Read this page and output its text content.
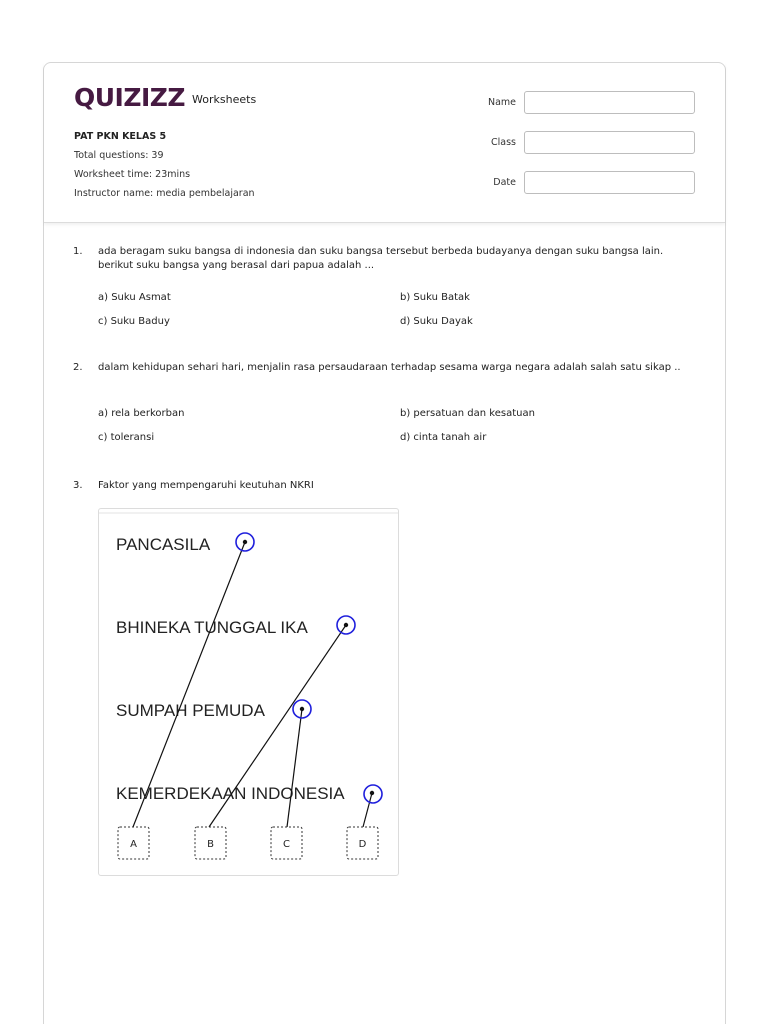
QUIZIZZ Worksheets
PAT PKN KELAS 5
Total questions: 39
Worksheet time: 23mins
Instructor name: media pembelajaran
Name
Class
Date
1. ada beragam suku bangsa di indonesia dan suku bangsa tersebut berbeda budayanya dengan suku bangsa lain. berikut suku bangsa yang berasal dari papua adalah ...
a) Suku Asmat	b) Suku Batak
c) Suku Baduy	d) Suku Dayak
2. dalam kehidupan sehari hari, menjalin rasa persaudaraan terhadap sesama warga negara adalah salah satu sikap ..
a) rela berkorban	b) persatuan dan kesatuan
c) toleransi	d) cinta tanah air
3. Faktor yang mempengaruhi keutuhan NKRI
PANCASILA
BHINEKA TUNGGAL IKA
SUMPAH PEMUDA
KEMERDEKAAN INDONESIA
A	B	C	D
